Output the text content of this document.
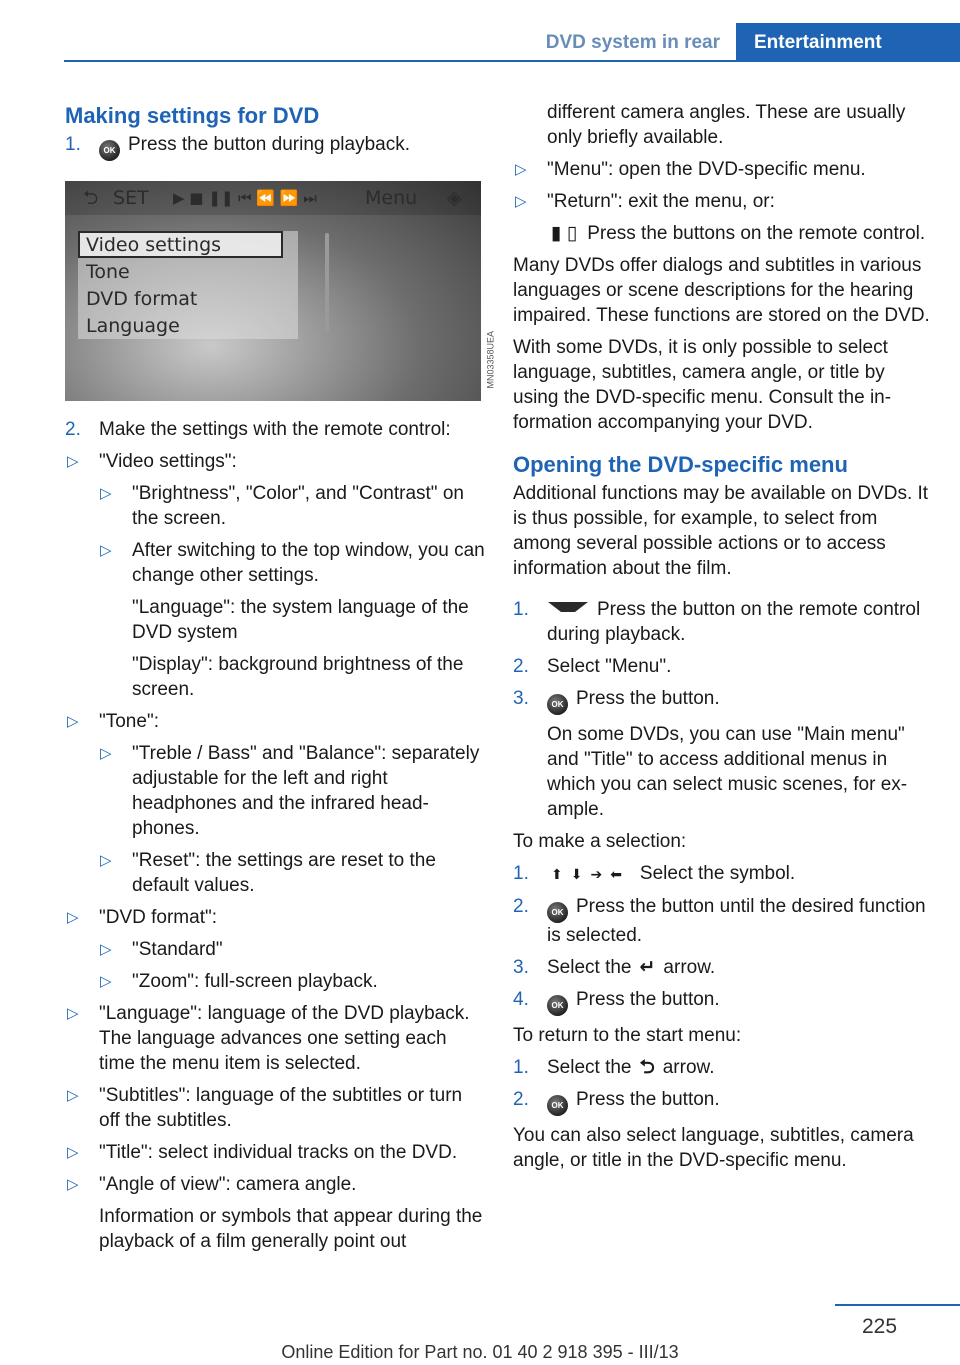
DVD system in rear	Entertainment
Making settings for DVD
1.	OK Press the button during playback.
⮌ SET ▶ ■ ❚❚ ⏮ ⏪ ⏩ ⏭	Menu ◈
Video settings
Tone
DVD format
Language
MN03358UEA
2. Make the settings with the remote control:
▷ "Video settings":
▷ "Brightness", "Color", and "Contrast" on the screen.
▷ After switching to the top window, you can change other settings.
"Language": the system language of the DVD system
"Display": background brightness of the screen.
▷ "Tone":
▷ "Treble / Bass" and "Balance": separately adjustable for the left and right headphones and the infrared headphones.
▷ "Reset": the settings are reset to the default values.
▷ "DVD format":
▷ "Standard"
▷ "Zoom": full-screen playback.
▷ "Language": language of the DVD playback. The language advances one setting each time the menu item is selected.
▷ "Subtitles": language of the subtitles or turn off the subtitles.
▷ "Title": select individual tracks on the DVD.
▷ "Angle of view": camera angle.
Information or symbols that appear during the playback of a film generally point out
different camera angles. These are usually only briefly available.
▷ "Menu": open the DVD-specific menu.
▷ "Return": exit the menu, or:
▮ ▯ Press the buttons on the remote control.

Many DVDs offer dialogs and subtitles in various languages or scene descriptions for the hearing impaired. These functions are stored on the DVD.

With some DVDs, it is only possible to select language, subtitles, camera angle, or title by using the DVD-specific menu. Consult the information accompanying your DVD.

Opening the DVD-specific menu

Additional functions may be available on DVDs. It is thus possible, for example, to select from among several possible actions or to access information about the film.

1.	Press the button on the remote control during playback.
2. Select "Menu".
3.	OK Press the button.
On some DVDs, you can use "Main menu" and "Title" to access additional menus in which you can select music scenes, for example.

To make a selection:

1. ⬆⬇➔⬅ Select the symbol.
2.	OK Press the button until the desired function is selected.
3. Select the ↵ arrow.
4.	OK Press the button.

To return to the start menu:

1. Select the ⮌ arrow.
2.	OK Press the button.

You can also select language, subtitles, camera angle, or title in the DVD-specific menu.

225
Online Edition for Part no. 01 40 2 918 395 - III/13
